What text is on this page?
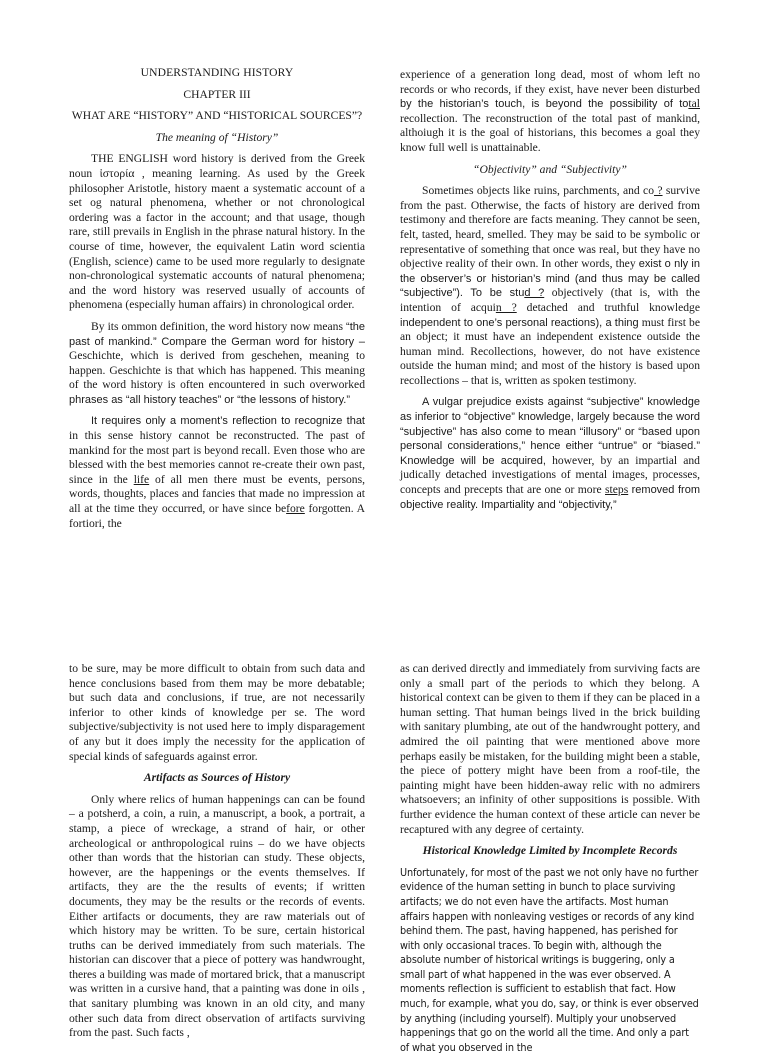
UNDERSTANDING HISTORY
CHAPTER III
WHAT ARE “HISTORY” AND “HISTORICAL SOURCES”?
The meaning of “History”

THE ENGLISH word history is derived from the Greek noun ἱστορία , meaning learning. As used by the Greek philosopher Aristotle, history maent a systematic account of a set og natural phenomena, whether or not chronological ordering was a factor in the account; and that usage, though rare, still prevails in English in the phrase natural history. In the course of time, however, the equivalent Latin word scientia (English, science) came to be used more regularly to designate non-chronological systematic accounts of natural phenomena; and the word history was reserved usually of accounts of phenomena (especially human affairs) in chronological order.

By its ommon definition, the word history now means “the past of mankind.” Compare the German word for history – Geschichte, which is derived from geschehen, meaning to happen. Geschichte is that which has happened. This meaning of the word history is often encountered in such overworked phrases as “all history teaches” or “the lessons of history.”

It requires only a moment’s reflection to recognize that in this sense history cannot be reconstructed. The past of mankind for the most part is beyond recall. Even those who are blessed with the best memories cannot re-create their own past, since in the life of all men there must be events, persons, words, thoughts, places and fancies that made no impression at all at the time they occurred, or have since before forgotten. A fortiori, the

experience of a generation long dead, most of whom left no records or who records, if they exist, have never been disturbed by the historian’s touch, is beyond the possibility of total recollection. The reconstruction of the total past of mankind, althoiugh it is the goal of historians, this becomes a goal they know full well is unattainable.

“Objectivity” and “Subjectivity”

Sometimes objects like ruins, parchments, and co ? survive from the past. Otherwise, the facts of history are derived from testimony and therefore are facts meaning. They cannot be seen, felt, tasted, heard, smelled. They may be said to be symbolic or representative of something that once was real, but they have no objective reality of their own. In other words, they exist o nly in the observer’s or historian’s mind (and thus may be called “subjective”). To be stud ? objectively (that is, with the intention of acquin ? detached and truthful knowledge independent to one’s personal reactions), a thing must first be an object; it must have an independent existence outside the human mind. Recollections, however, do not have existence outside the human mind; and most of the history is based upon recollections – that is, written as spoken testimony.

A vulgar prejudice exists against “subjective” knowledge as inferior to “objective” knowledge, largely because the word “subjective” has also come to mean “illusory” or “based upon personal considerations,” hence either “untrue” or “biased.” Knowledge will be acquired, however, by an impartial and judically detached investigations of mental images, processes, concepts and precepts that are one or more steps removed from objective reality. Impartiality and “objectivity,”

to be sure, may be more difficult to obtain from such data and hence conclusions based from them may be more debatable; but such data and conclusions, if true, are not necessarily inferior to other kinds of knowledge per se. The word subjective/subjectivity is not used here to imply disparagement of any but it does imply the necessity for the application of special kinds of safeguards against error.

Artifacts as Sources of History

Only where relics of human happenings can can be found – a potsherd, a coin, a ruin, a manuscript, a book, a portrait, a stamp, a piece of wreckage, a strand of hair, or other archeological or anthropological ruins – do we have objects other than words that the historian can study. These objects, however, are the happenings or the events themselves. If artifacts, they are the the results of events; if written documents, they may be the results or the records of events. Either artifacts or documents, they are raw materials out of which history may be written. To be sure, certain historical truths can be derived immediately from such materials. The historian can discover that a piece of pottery was handwrought, theres a building was made of mortared brick, that a manuscript was written in a cursive hand, that a painting was done in oils , that sanitary plumbing was known in an old city, and many other such data from direct observation of artifacts surviving from the past. Such facts ,

as can derived directly and immediately from surviving facts are only a small part of the periods to which they belong. A historical context can be given to them if they can be placed in a human setting. That human beings lived in the brick building with sanitary plumbing, ate out of the handwrought pottery, and admired the oil painting that were mentioned above more perhaps easily be mistaken, for the building might been a stable, the piece of pottery might have been from a roof-tile, the painting might have been hidden-away relic with no admirers whatsoevers; an infinity of other suppositions is possible. With further evidence the human context of these article can never be recaptured with any degree of certainty.

Historical Knowledge Limited by Incomplete Records

Unfortunately, for most of the past we not only have no further evidence of the human setting in bunch to place surviving artifacts; we do not even have the artifacts. Most human affairs happen with nonleaving vestiges or records of any kind behind them. The past, having happened, has perished for with only occasional traces. To begin with, although the absolute number of historical writings is buggering, only a small part of what happened in the was ever observed. A moments reflection is sufficient to establish that fact. How much, for example, what you do, say, or think is ever observed by anything (including yourself). Multiply your unobserved happenings that go on the world all the time. And only a part of what you observed in the
